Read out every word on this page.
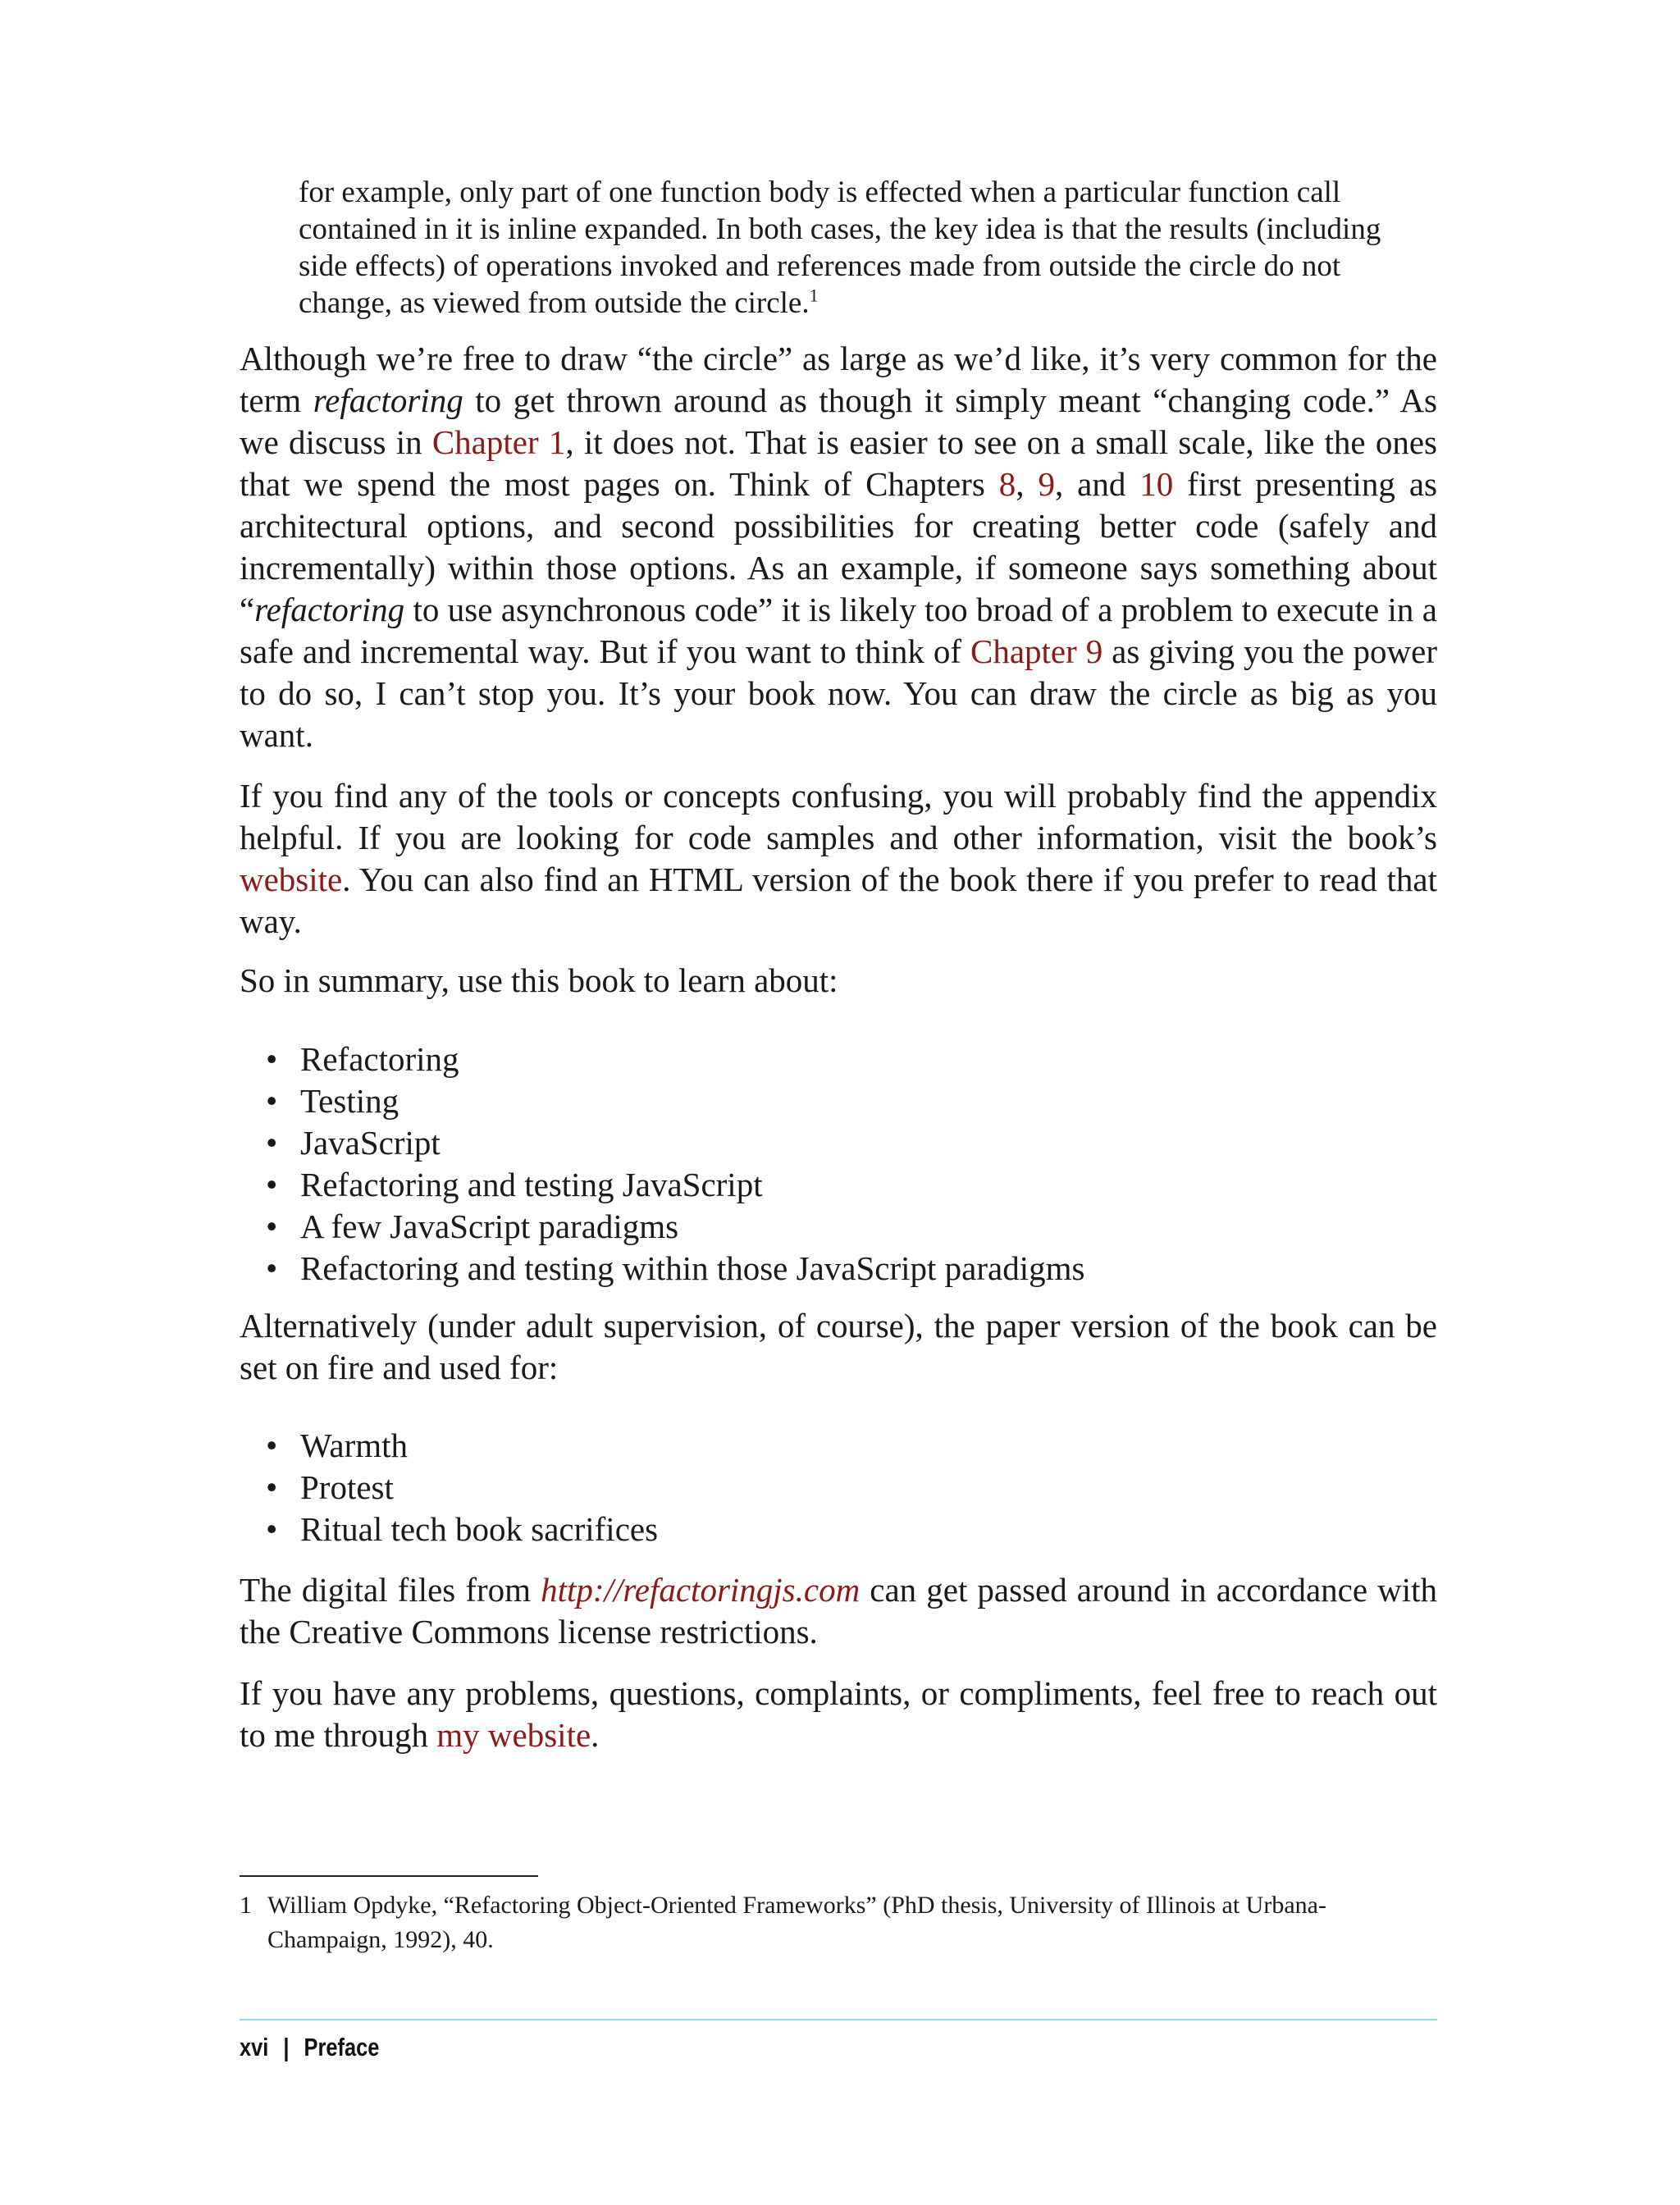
for example, only part of one function body is effected when a particular function call contained in it is inline expanded. In both cases, the key idea is that the results (including side effects) of operations invoked and references made from outside the circle do not change, as viewed from outside the circle.$^1$

Although we’re free to draw “the circle” as large as we’d like, it’s very common for the term refactoring to get thrown around as though it simply meant “changing code.” As we discuss in Chapter 1, it does not. That is easier to see on a small scale, like the ones that we spend the most pages on. Think of Chapters 8, 9, and 10 first presenting as architectural options, and second possibilities for creating better code (safely and incrementally) within those options. As an example, if someone says something about “refactoring to use asynchronous code” it is likely too broad of a problem to execute in a safe and incremental way. But if you want to think of Chapter 9 as giving you the power to do so, I can’t stop you. It’s your book now. You can draw the circle as big as you want.

If you find any of the tools or concepts confusing, you will probably find the appendix helpful. If you are looking for code samples and other information, visit the book’s website. You can also find an HTML version of the book there if you prefer to read that way.

So in summary, use this book to learn about:

• Refactoring
• Testing
• JavaScript
• Refactoring and testing JavaScript
• A few JavaScript paradigms
• Refactoring and testing within those JavaScript paradigms

Alternatively (under adult supervision, of course), the paper version of the book can be set on fire and used for:

• Warmth
• Protest
• Ritual tech book sacrifices

The digital files from http://refactoringjs.com can get passed around in accordance with the Creative Commons license restrictions.

If you have any problems, questions, complaints, or compliments, feel free to reach out to me through my website.

1 William Opdyke, “Refactoring Object-Oriented Frameworks” (PhD thesis, University of Illinois at Urbana-Champaign, 1992), 40.
xvi | Preface
